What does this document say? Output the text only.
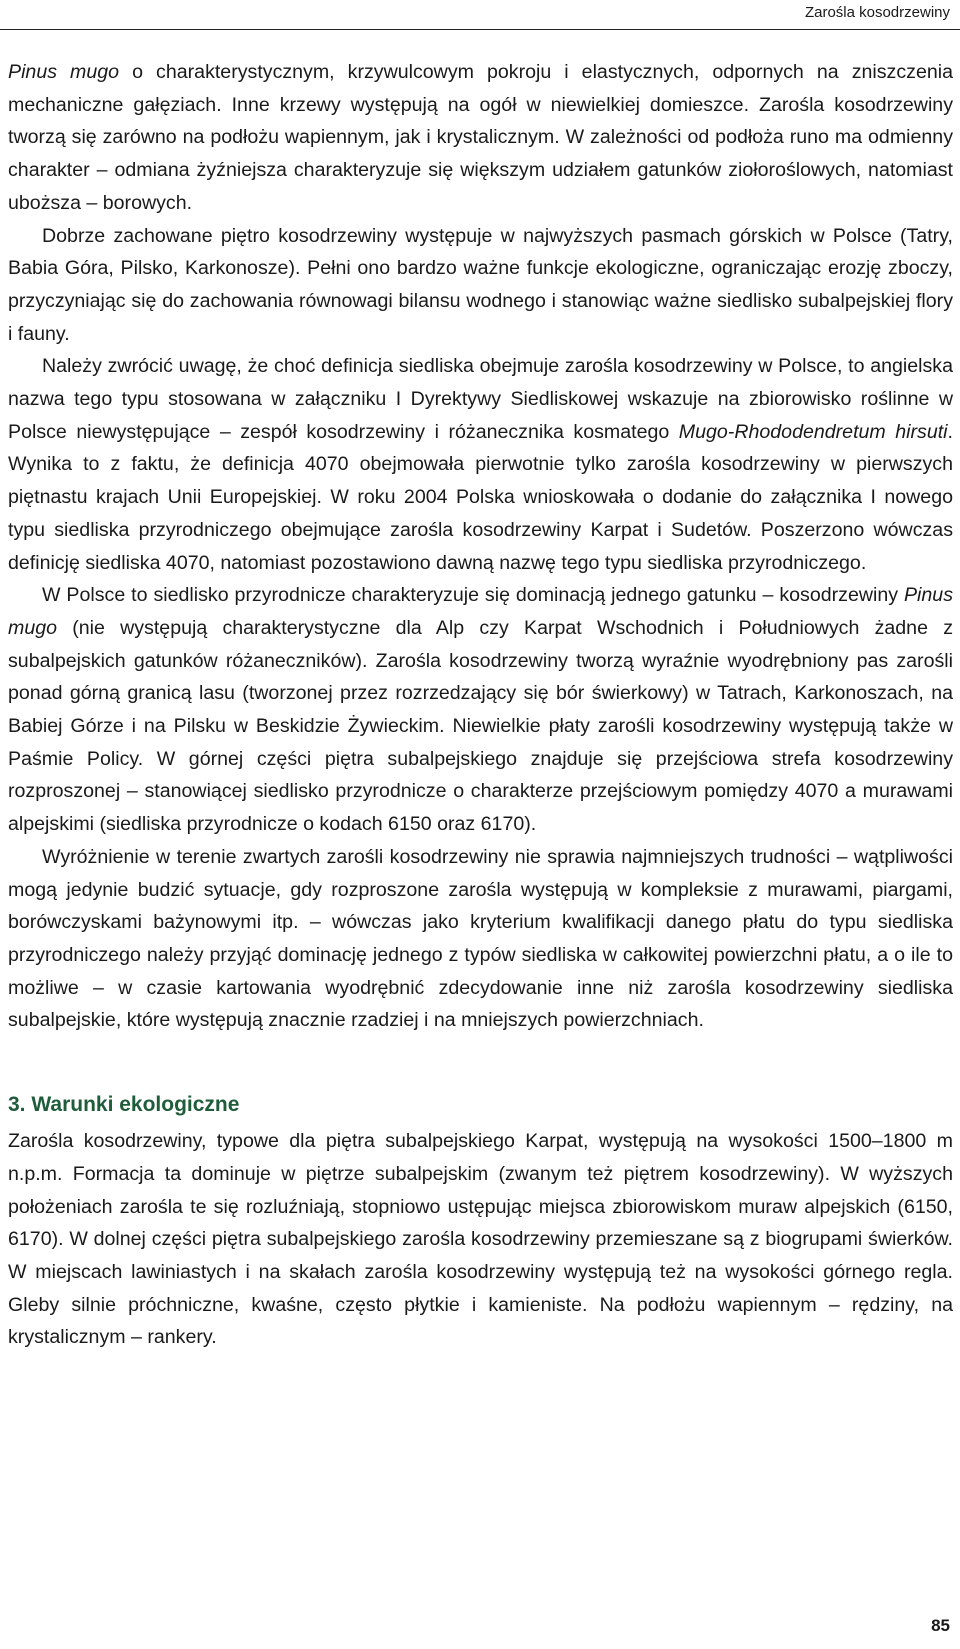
Zarośla kosodrzewiny

Pinus mugo o charakterystycznym, krzywulcowym pokroju i elastycznych, odpornych na zniszczenia mechaniczne gałęziach. Inne krzewy występują na ogół w niewielkiej domieszce. Zarośla kosodrzewiny tworzą się zarówno na podłożu wapiennym, jak i krystalicznym. W zależności od podłoża runo ma odmienny charakter – odmiana żyźniejsza charakteryzuje się większym udziałem gatunków ziołoroślowych, natomiast uboższa – borowych.

Dobrze zachowane piętro kosodrzewiny występuje w najwyższych pasmach górskich w Polsce (Tatry, Babia Góra, Pilsko, Karkonosze). Pełni ono bardzo ważne funkcje ekologiczne, ograniczając erozję zboczy, przyczyniając się do zachowania równowagi bilansu wodnego i stanowiąc ważne siedlisko subalpejskiej flory i fauny.

Należy zwrócić uwagę, że choć definicja siedliska obejmuje zarośla kosodrzewiny w Polsce, to angielska nazwa tego typu stosowana w załączniku I Dyrektywy Siedliskowej wskazuje na zbiorowisko roślinne w Polsce niewystępujące – zespół kosodrzewiny i różanecznika kosmatego Mugo-Rhododendretum hirsuti. Wynika to z faktu, że definicja 4070 obejmowała pierwotnie tylko zarośla kosodrzewiny w pierwszych piętnastu krajach Unii Europejskiej. W roku 2004 Polska wnioskowała o dodanie do załącznika I nowego typu siedliska przyrodniczego obejmujące zarośla kosodrzewiny Karpat i Sudetów. Poszerzono wówczas definicję siedliska 4070, natomiast pozostawiono dawną nazwę tego typu siedliska przyrodniczego.

W Polsce to siedlisko przyrodnicze charakteryzuje się dominacją jednego gatunku – kosodrzewiny Pinus mugo (nie występują charakterystyczne dla Alp czy Karpat Wschodnich i Południowych żadne z subalpejskich gatunków różaneczników). Zarośla kosodrzewiny tworzą wyraźnie wyodrębniony pas zarośli ponad górną granicą lasu (tworzonej przez rozrzedzający się bór świerkowy) w Tatrach, Karkonoszach, na Babiej Górze i na Pilsku w Beskidzie Żywieckim. Niewielkie płaty zarośli kosodrzewiny występują także w Paśmie Policy. W górnej części piętra subalpejskiego znajduje się przejściowa strefa kosodrzewiny rozproszonej – stanowiącej siedlisko przyrodnicze o charakterze przejściowym pomiędzy 4070 a murawami alpejskimi (siedliska przyrodnicze o kodach 6150 oraz 6170).

Wyróżnienie w terenie zwartych zarośli kosodrzewiny nie sprawia najmniejszych trudności – wątpliwości mogą jedynie budzić sytuacje, gdy rozproszone zarośla występują w kompleksie z murawami, piargami, borówczyskami bażynowymi itp. – wówczas jako kryterium kwalifikacji danego płatu do typu siedliska przyrodniczego należy przyjąć dominację jednego z typów siedliska w całkowitej powierzchni płatu, a o ile to możliwe – w czasie kartowania wyodrębnić zdecydowanie inne niż zarośla kosodrzewiny siedliska subalpejskie, które występują znacznie rzadziej i na mniejszych powierzchniach.

3. Warunki ekologiczne

Zarośla kosodrzewiny, typowe dla piętra subalpejskiego Karpat, występują na wysokości 1500–1800 m n.p.m. Formacja ta dominuje w piętrze subalpejskim (zwanym też piętrem kosodrzewiny). W wyższych położeniach zarośla te się rozluźniają, stopniowo ustępując miejsca zbiorowiskom muraw alpejskich (6150, 6170). W dolnej części piętra subalpejskiego zarośla kosodrzewiny przemieszane są z biogrupami świerków. W miejscach lawiniastych i na skałach zarośla kosodrzewiny występują też na wysokości górnego regla. Gleby silnie próchniczne, kwaśne, często płytkie i kamieniste. Na podłożu wapiennym – rędziny, na krystalicznym – rankery.

85
